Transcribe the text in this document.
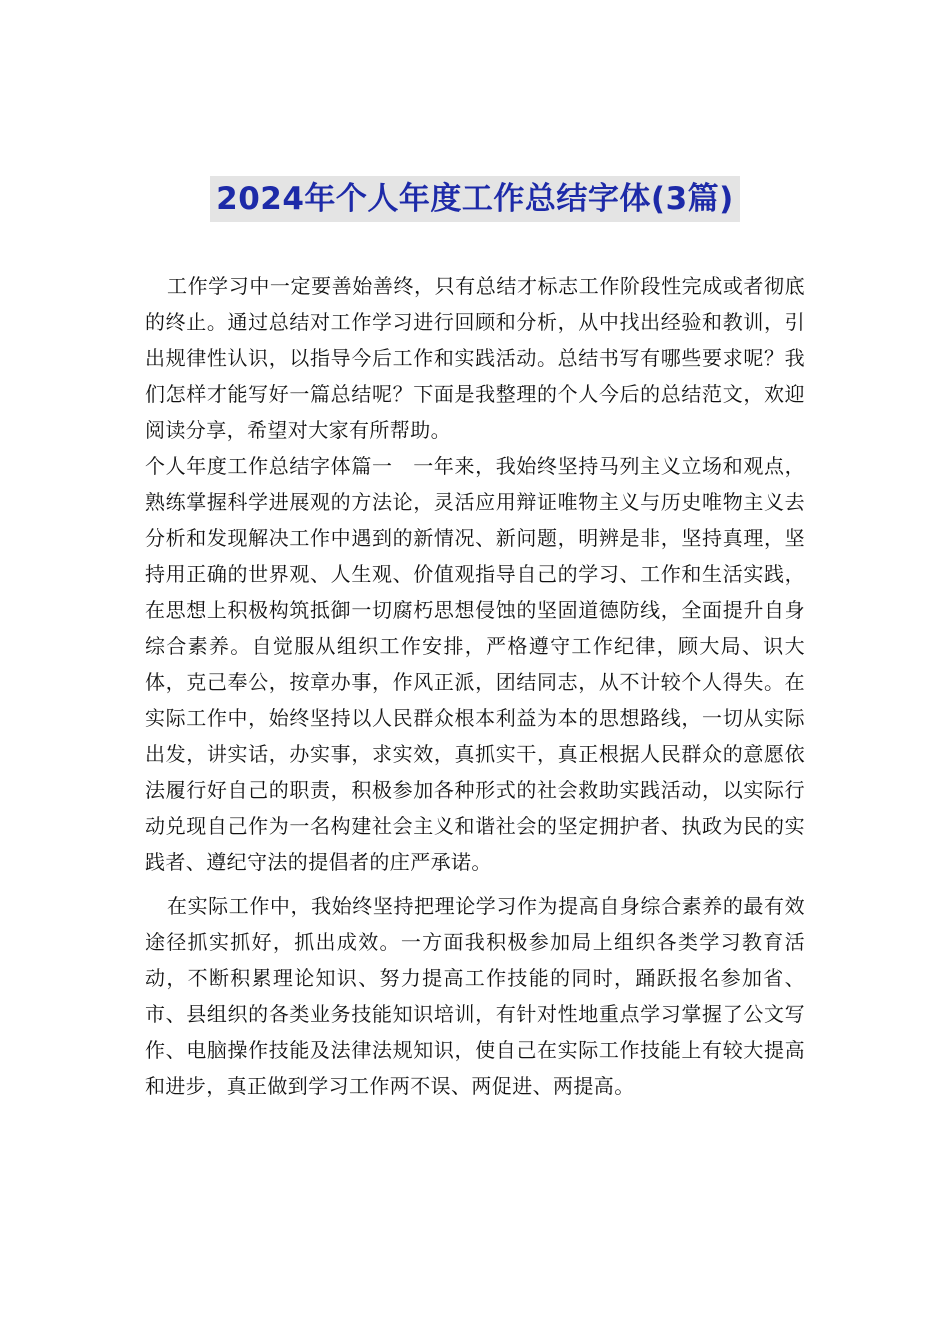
2024年个人年度工作总结字体(3篇)

工作学习中一定要善始善终，只有总结才标志工作阶段性完成或者彻底的终止。通过总结对工作学习进行回顾和分析，从中找出经验和教训，引出规律性认识，以指导今后工作和实践活动。总结书写有哪些要求呢？我们怎样才能写好一篇总结呢？下面是我整理的个人今后的总结范文，欢迎阅读分享，希望对大家有所帮助。

个人年度工作总结字体篇一　一年来，我始终坚持马列主义立场和观点，熟练掌握科学进展观的方法论，灵活应用辩证唯物主义与历史唯物主义去分析和发现解决工作中遇到的新情况、新问题，明辨是非，坚持真理，坚持用正确的世界观、人生观、价值观指导自己的学习、工作和生活实践，在思想上积极构筑抵御一切腐朽思想侵蚀的坚固道德防线，全面提升自身综合素养。自觉服从组织工作安排，严格遵守工作纪律，顾大局、识大体，克己奉公，按章办事，作风正派，团结同志，从不计较个人得失。在实际工作中，始终坚持以人民群众根本利益为本的思想路线，一切从实际出发，讲实话，办实事，求实效，真抓实干，真正根据人民群众的意愿依法履行好自己的职责，积极参加各种形式的社会救助实践活动，以实际行动兑现自己作为一名构建社会主义和谐社会的坚定拥护者、执政为民的实践者、遵纪守法的提倡者的庄严承诺。

在实际工作中，我始终坚持把理论学习作为提高自身综合素养的最有效途径抓实抓好，抓出成效。一方面我积极参加局上组织各类学习教育活动，不断积累理论知识、努力提高工作技能的同时，踊跃报名参加省、市、县组织的各类业务技能知识培训，有针对性地重点学习掌握了公文写作、电脑操作技能及法律法规知识，使自己在实际工作技能上有较大提高和进步，真正做到学习工作两不误、两促进、两提高。
